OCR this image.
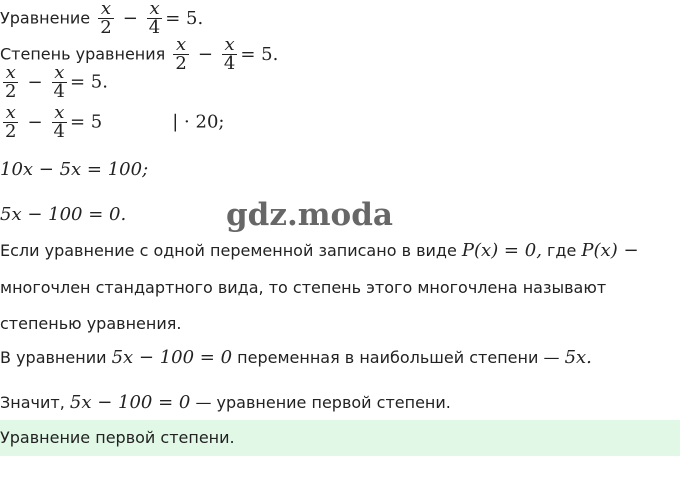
Уравнение $\frac{x}{2} - \frac{x}{4} = 5$.
Степень уравнения $\frac{x}{2} - \frac{x}{4} = 5$.
$\frac{x}{2} - \frac{x}{4} = 5$.
$\frac{x}{2} - \frac{x}{4} = 5$	| · 20;
10x − 5x = 100;
5x − 100 = 0.	gdz.moda
Если уравнение с одной переменной записано в виде P(x) = 0, где P(x) −
многочлен стандартного вида, то степень этого многочлена называют
степенью уравнения.
В уравнении 5x − 100 = 0 переменная в наибольшей степени — 5x.
Значит, 5x − 100 = 0 — уравнение первой степени.
Уравнение первой степени.
